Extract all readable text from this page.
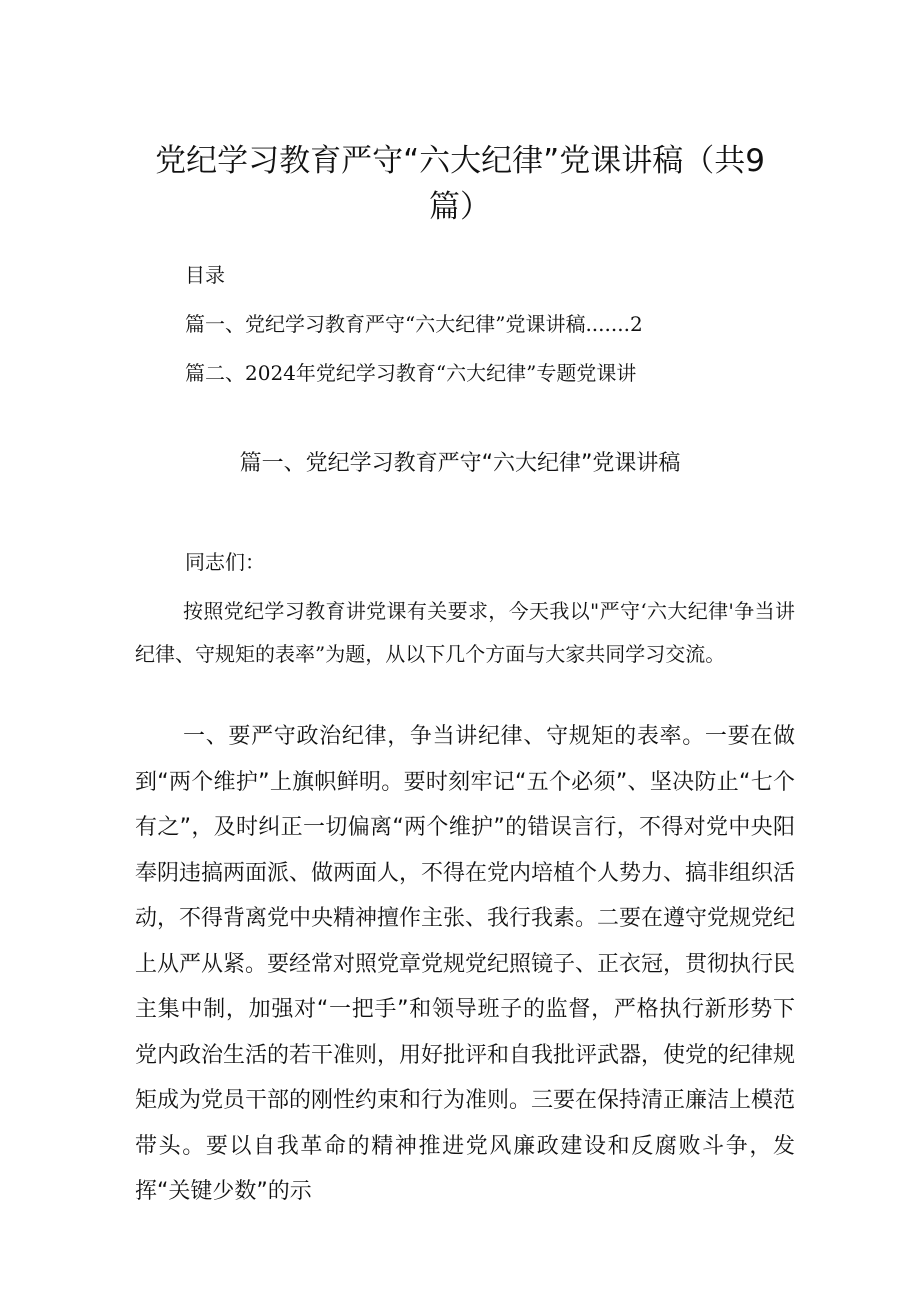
党纪学习教育严守“六大纪律”党课讲稿（共9篇）
目录
篇一、党纪学习教育严守“六大纪律”党课讲稿.......2
篇二、2024年党纪学习教育“六大纪律”专题党课讲
篇一、党纪学习教育严守“六大纪律”党课讲稿
同志们：

按照党纪学习教育讲党课有关要求，今天我以"严守‘六大纪律'争当讲纪律、守规矩的表率”为题，从以下几个方面与大家共同学习交流。

一、要严守政治纪律，争当讲纪律、守规矩的表率。一要在做到“两个维护”上旗帜鲜明。要时刻牢记“五个必须”、坚决防止“七个有之”，及时纠正一切偏离“两个维护”的错误言行，不得对党中央阳奉阴违搞两面派、做两面人，不得在党内培植个人势力、搞非组织活动，不得背离党中央精神擅作主张、我行我素。二要在遵守党规党纪上从严从紧。要经常对照党章党规党纪照镜子、正衣冠，贯彻执行民主集中制，加强对“一把手”和领导班子的监督，严格执行新形势下党内政治生活的若干准则，用好批评和自我批评武器，使党的纪律规矩成为党员干部的刚性约束和行为准则。三要在保持清正廉洁上模范带头。要以自我革命的精神推进党风廉政建设和反腐败斗争，发挥“关键少数”的示
